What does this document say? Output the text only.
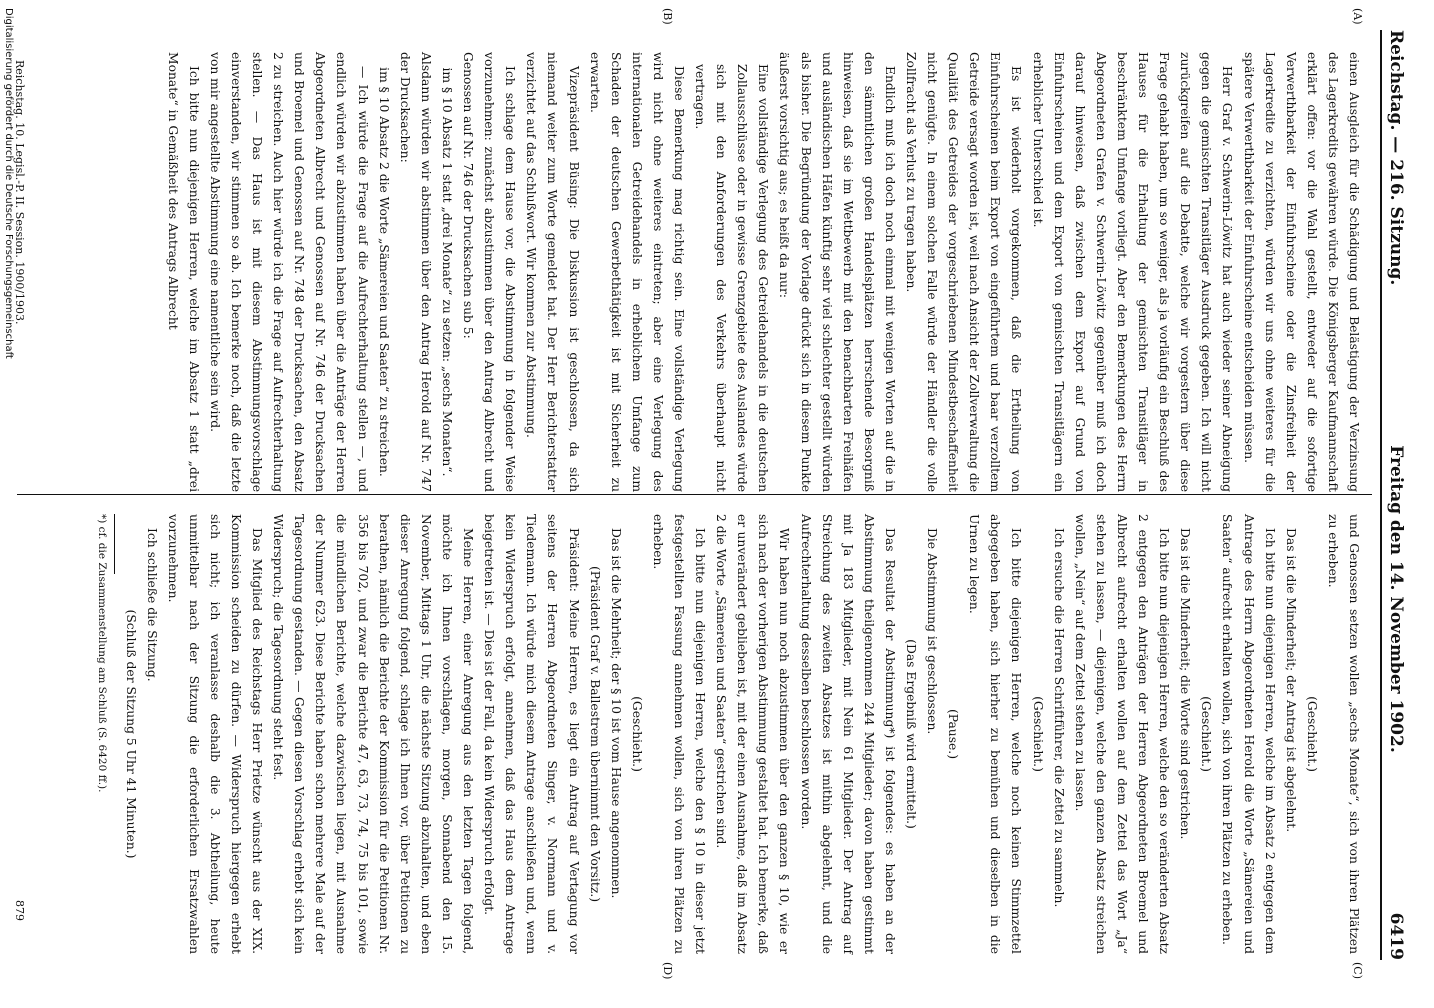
Reichstag. — 216. Sitzung.
Freitag den 14. November 1902.
6419
(A)
(B)
(C)
(D)

einen Ausgleich für die Schädigung und Belästigung der Verzinsung des Lagerkredits gewähren würde. Die Königsberger Kaufmannschaft erklärt offen: vor die Wahl gestellt, entweder auf die sofortige Verwerthbarkeit der Einfuhrscheine oder die Zinsfreiheit der Lagerkredite zu verzichten, würden wir uns ohne weiteres für die spätere Verwerthbarkeit der Einfuhrscheine entscheiden müssen.

Herr Graf v. Schwerin-Löwitz hat auch wieder seiner Abneigung gegen die gemischten Transitläger Ausdruck gegeben. Ich will nicht zurückgreifen auf die Debatte, welche wir vorgestern über diese Frage gehabt haben, um so weniger, als ja vorläufig ein Beschluß des Hauses für die Erhaltung der gemischten Transitläger in beschränktem Umfange vorliegt. Aber den Bemerkungen des Herrn Abgeordneten Grafen v. Schwerin-Löwitz gegenüber muß ich doch darauf hinweisen, daß zwischen dem Export auf Grund von Einfuhrscheinen und dem Export von gemischten Transitlägern ein erheblicher Unterschied ist.

Es ist wiederholt vorgekommen, daß die Ertheilung von Einfuhrscheinen beim Export von eingeführtem und baar verzolltem Getreide versagt worden ist, weil nach Ansicht der Zollverwaltung die Qualität des Getreides der vorgeschriebenen Mindestbeschaffenheit nicht genügte. In einem solchen Falle würde der Händler die volle Zollfracht als Verlust zu tragen haben.

Endlich muß ich doch noch einmal mit wenigen Worten auf die in den sämmtlichen großen Handelsplätzen herrschende Besorgniß hinweisen, daß sie im Wettbewerb mit den benachbarten Freihäfen und ausländischen Häfen künftig sehr viel schlechter gestellt würden als bisher. Die Begründung der Vorlage drückt sich in diesem Punkte äußerst vorsichtig aus; es heißt da nur:

Eine vollständige Verlegung des Getreidehandels in die deutschen Zollausschlüsse oder in gewisse Grenzgebiete des Auslandes würde sich mit den Anforderungen des Verkehrs überhaupt nicht vertragen.

Diese Bemerkung mag richtig sein. Eine vollständige Verlegung wird nicht ohne weiteres eintreten; aber eine Verlegung des internationalen Getreidehandels in erheblichem Umfange zum Schaden der deutschen Gewerbethätigkeit ist mit Sicherheit zu erwarten.

Vizepräsident Büsing: Die Diskussion ist geschlossen, da sich niemand weiter zum Worte gemeldet hat. Der Herr Berichterstatter verzichtet auf das Schlußwort. Wir kommen zur Abstimmung.

Ich schlage dem Hause vor, die Abstimmung in folgender Weise vorzunehmen: zunächst abzustimmen über den Antrag Albrecht und Genossen auf Nr. 746 der Drucksachen sub 5:

im § 10 Absatz 1 statt „drei Monate“ zu setzen: „sechs Monaten“.

Alsdann würden wir abstimmen über den Antrag Herold auf Nr. 747 der Drucksachen:

im § 10 Absatz 2 die Worte „Sämereien und Saaten“ zu streichen.

— Ich würde die Frage auf die Aufrechterhaltung stellen —, und endlich würden wir abzustimmen haben über die Anträge der Herren Abgeordneten Albrecht und Genossen auf Nr. 746 der Drucksachen und Broemel und Genossen auf Nr. 748 der Drucksachen, den Absatz 2 zu streichen. Auch hier würde ich die Frage auf Aufrechterhaltung stellen. — Das Haus ist mit diesem Abstimmungsvorschlage einverstanden, wir stimmen so ab. Ich bemerke noch, daß die letzte von mir angestellte Abstimmung eine namentliche sein wird.

Ich bitte nun diejenigen Herren, welche im Absatz 1 statt „drei Monate“ in Gemäßheit des Antrags Albrecht

und Genossen setzen wollen „sechs Monate“, sich von ihren Plätzen zu erheben.

(Geschieht.)

Das ist die Minderheit; der Antrag ist abgelehnt.

Ich bitte nun diejenigen Herren, welche im Absatz 2 entgegen dem Antrage des Herrn Abgeordneten Herold die Worte „Sämereien und Saaten“ aufrecht erhalten wollen, sich von ihren Plätzen zu erheben.

(Geschieht.)

Das ist die Minderheit; die Worte sind gestrichen.

Ich bitte nun diejenigen Herren, welche den so veränderten Absatz 2 entgegen den Anträgen der Herren Abgeordneten Broemel und Albrecht aufrecht erhalten wollen auf dem Zettel das Wort „Ja“ stehen zu lassen, — diejenigen, welche den ganzen Absatz streichen wollen, „Nein“ auf dem Zettel stehen zu lassen.

Ich ersuche die Herren Schriftführer, die Zettel zu sammeln.

(Geschieht.)

Ich bitte diejenigen Herren, welche noch keinen Stimmzettel abgegeben haben, sich hierher zu bemühen und dieselben in die Urnen zu legen.

(Pause.)

Die Abstimmung ist geschlossen.

(Das Ergebniß wird ermittelt.)

Das Resultat der Abstimmung*) ist folgendes: es haben an der Abstimmung theilgenommen 244 Mitglieder; davon haben gestimmt mit Ja 183 Mitglieder, mit Nein 61 Mitglieder. Der Antrag auf Streichung des zweiten Absatzes ist mithin abgelehnt, und die Aufrechterhaltung desselben beschlossen worden.

Wir haben nun noch abzustimmen über den ganzen § 10, wie er sich nach der vorherigen Abstimmung gestaltet hat. Ich bemerke, daß er unverändert geblieben ist, mit der einen Ausnahme, daß im Absatz 2 die Worte „Sämereien und Saaten“ gestrichen sind.

Ich bitte nun diejenigen Herren, welche den § 10 in dieser jetzt festgestellten Fassung annehmen wollen, sich von ihren Plätzen zu erheben.

(Geschieht.)

Das ist die Mehrheit; der § 10 ist vom Hause angenommen.

(Präsident Graf v. Ballestrem übernimmt den Vorsitz.)

Präsident: Meine Herren, es liegt ein Antrag auf Vertagung vor seitens der Herren Abgeordneten Singer, v. Normann und v. Tiedemann. Ich würde mich diesem Antrage anschließen und, wenn kein Widerspruch erfolgt, annehmen, daß das Haus dem Antrage beigetreten ist. — Dies ist der Fall, da kein Widerspruch erfolgt.

Meine Herren, einer Anregung aus den letzten Tagen folgend, möchte ich Ihnen vorschlagen, morgen, Sonnabend den 15. November, Mittags 1 Uhr, die nächste Sitzung abzuhalten, und eben dieser Anregung folgend, schlage ich Ihnen vor, über Petitionen zu berathen, nämlich die Berichte der Kommission für die Petitionen Nr. 356 bis 702, und zwar die Berichte 47, 63, 73, 74, 75 bis 101, sowie die mündlichen Berichte, welche dazwischen liegen, mit Ausnahme der Nummer 623. Diese Berichte haben schon mehrere Male auf der Tagesordnung gestanden. — Gegen diesen Vorschlag erhebt sich kein Widerspruch; die Tagesordnung steht fest.

Das Mitglied des Reichstags Herr Prietze wünscht aus der XIX. Kommission scheiden zu dürfen. — Widerspruch hiergegen erhebt sich nicht; ich veranlasse deshalb die 3. Abtheilung, heute unmittelbar nach der Sitzung die erforderlichen Ersatzwahlen vorzunehmen.

Ich schließe die Sitzung.

(Schluß der Sitzung 5 Uhr 41 Minuten.)

*) cf. die Zusammenstellung am Schluß (S. 6420 ff.).

Reichstag. 10. Legisl.-P. II. Session. 1900/1903.
879
Digitalisierung gefördert durch die Deutsche Forschungsgemeinschaft
